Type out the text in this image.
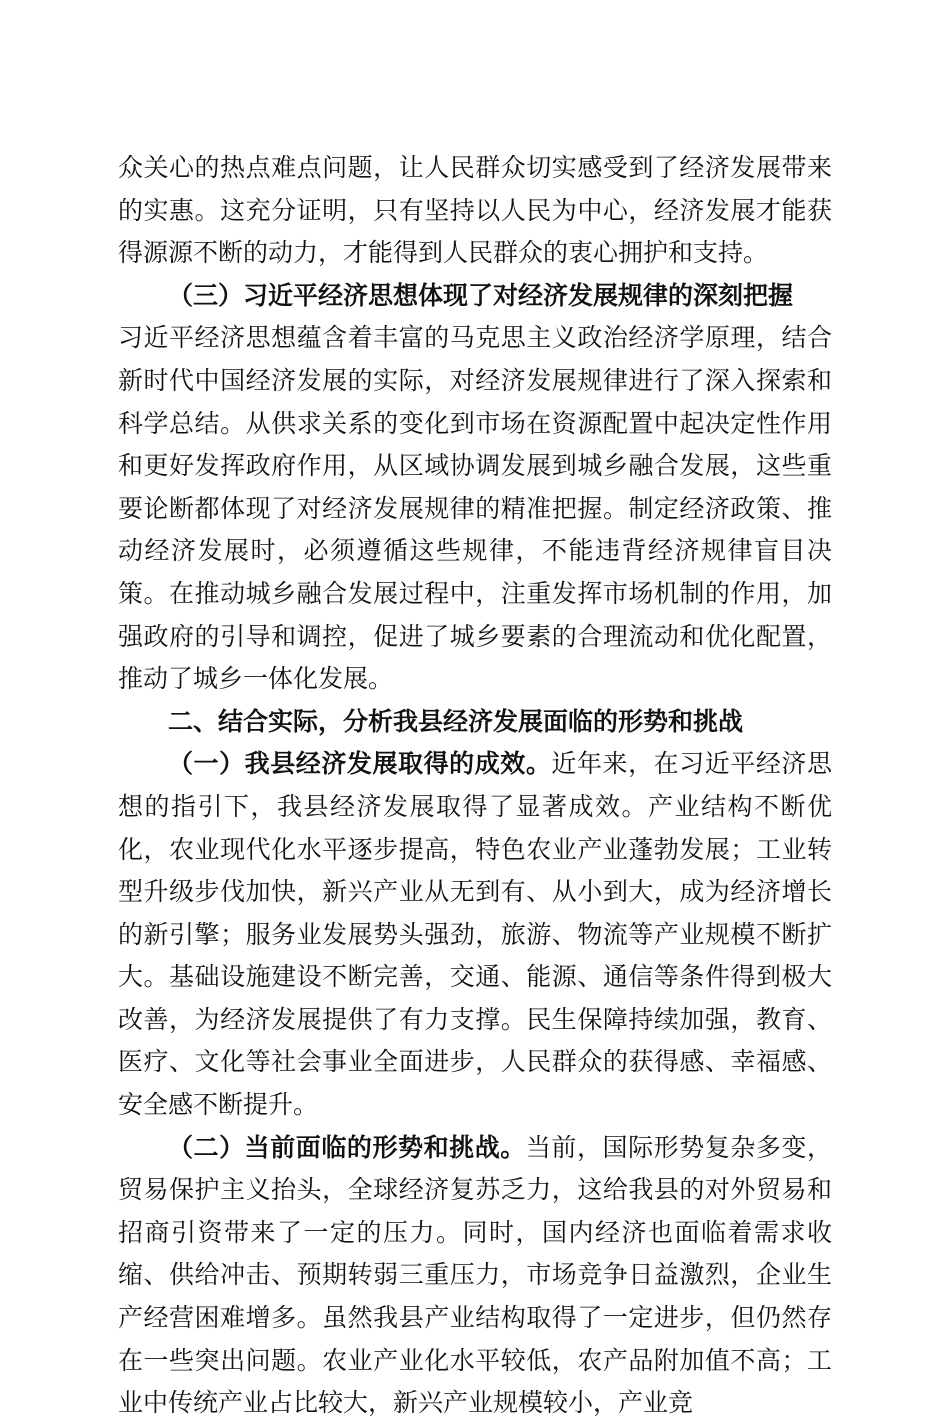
众关心的热点难点问题，让人民群众切实感受到了经济发展带来的实惠。这充分证明，只有坚持以人民为中心，经济发展才能获得源源不断的动力，才能得到人民群众的衷心拥护和支持。

（三）习近平经济思想体现了对经济发展规律的深刻把握

习近平经济思想蕴含着丰富的马克思主义政治经济学原理，结合新时代中国经济发展的实际，对经济发展规律进行了深入探索和科学总结。从供求关系的变化到市场在资源配置中起决定性作用和更好发挥政府作用，从区域协调发展到城乡融合发展，这些重要论断都体现了对经济发展规律的精准把握。制定经济政策、推动经济发展时，必须遵循这些规律，不能违背经济规律盲目决策。在推动城乡融合发展过程中，注重发挥市场机制的作用，加强政府的引导和调控，促进了城乡要素的合理流动和优化配置，推动了城乡一体化发展。

二、结合实际，分析我县经济发展面临的形势和挑战

（一）我县经济发展取得的成效。近年来，在习近平经济思想的指引下，我县经济发展取得了显著成效。产业结构不断优化，农业现代化水平逐步提高，特色农业产业蓬勃发展；工业转型升级步伐加快，新兴产业从无到有、从小到大，成为经济增长的新引擎；服务业发展势头强劲，旅游、物流等产业规模不断扩大。基础设施建设不断完善，交通、能源、通信等条件得到极大改善，为经济发展提供了有力支撑。民生保障持续加强，教育、医疗、文化等社会事业全面进步，人民群众的获得感、幸福感、安全感不断提升。

（二）当前面临的形势和挑战。当前，国际形势复杂多变，贸易保护主义抬头，全球经济复苏乏力，这给我县的对外贸易和招商引资带来了一定的压力。同时，国内经济也面临着需求收缩、供给冲击、预期转弱三重压力，市场竞争日益激烈，企业生产经营困难增多。虽然我县产业结构取得了一定进步，但仍然存在一些突出问题。农业产业化水平较低，农产品附加值不高；工业中传统产业占比较大，新兴产业规模较小，产业竞
